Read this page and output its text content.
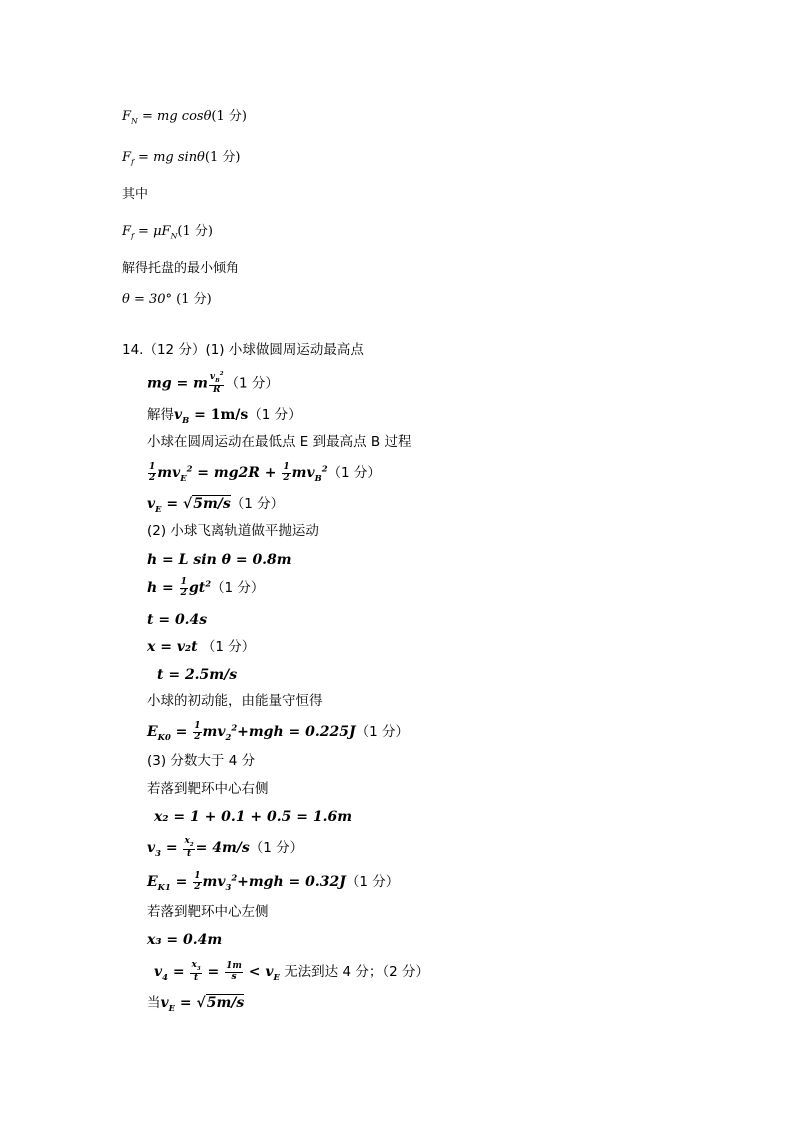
$F_N$ = mg cosθ(1 分)
$F_f$ = mg sinθ(1 分)
其中
$F_f = \mu F_N(1$ 分)
解得托盘的最小倾角
θ = 30° (1 分)
14.（12 分）(1) 小球做圆周运动最高点
mg = m $\frac{v_B^2}{R} (1$ 分）
解得$v_B = 1m/s(1$ 分）
小球在圆周运动在最低点 E 到最高点 B 过程
$\frac{1}{2} mv_E^2 = mg2R + \frac{1}{2} mv_B^2(1$ 分）
$v_E = √5m/s(1$ 分）
(2) 小球飞离轨道做平抛运动
h = L sin θ = 0.8m
$h = \frac{1}{2} gt^2(1$ 分）
t = 0.4s
x = v₂t （1 分）
t = 2.5m/s
小球的初动能，由能量守恒得
$E_{K0} = \frac{1}{2} mv_2^2+mgh = 0.225J(1$ 分）
(3) 分数大于 4 分
若落到靶环中心右侧
x₂ = 1 + 0.1 + 0.5 = 1.6m
$v_3 = \frac{x_2}{t} = 4m/s(1$ 分）
$E_{K1} = \frac{1}{2} mv_3^2+mgh = 0.32J(1$ 分）
若落到靶环中心左侧
x₃ = 0.4m
$v_4 = \frac{x_3}{t} = \frac{1m}{s} < v_E$ 无法到达 4 分；（2 分）
当$v_E = √5m/s$
